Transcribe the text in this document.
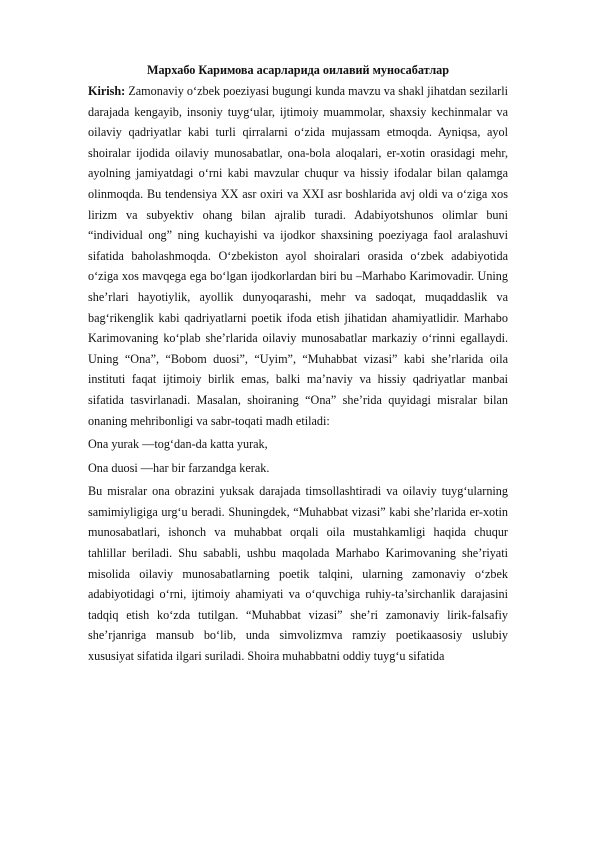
Мархабо Каримова асарларида оилавий муносабатлар

Kirish: Zamonaviy o‘zbek poeziyasi bugungi kunda mavzu va shakl jihatdan sezilarli darajada kengayib, insoniy tuyg‘ular, ijtimoiy muammolar, shaxsiy kechinmalar va oilaviy qadriyatlar kabi turli qirralarni o‘zida mujassam etmoqda. Ayniqsa, ayol shoiralar ijodida oilaviy munosabatlar, ona-bola aloqalari, er-xotin orasidagi mehr, ayolning jamiyatdagi o‘rni kabi mavzular chuqur va hissiy ifodalar bilan qalamga olinmoqda. Bu tendensiya XX asr oxiri va XXI asr boshlarida avj oldi va o‘ziga xos lirizm va subyektiv ohang bilan ajralib turadi. Adabiyotshunos olimlar buni “individual ong” ning kuchayishi va ijodkor shaxsining poeziyaga faol aralashuvi sifatida baholashmoqda. O‘zbekiston ayol shoiralari orasida o‘zbek adabiyotida o‘ziga xos mavqega ega bo‘lgan ijodkorlardan biri bu –Marhabo Karimovadir. Uning she’rlari hayotiylik, ayollik dunyoqarashi, mehr va sadoqat, muqaddaslik va bag‘rikenglik kabi qadriyatlarni poetik ifoda etish jihatidan ahamiyatlidir. Marhabo Karimovaning ko‘plab she’rlarida oilaviy munosabatlar markaziy o‘rinni egallaydi. Uning “Ona”, “Bobom duosi”, “Uyim”, “Muhabbat vizasi” kabi she’rlarida oila instituti faqat ijtimoiy birlik emas, balki ma’naviy va hissiy qadriyatlar manbai sifatida tasvirlanadi. Masalan, shoiraning “Ona” she’rida quyidagi misralar bilan onaning mehribonligi va sabr-toqati madh etiladi:

Ona yurak —tog‘dan-da katta yurak,

Ona duosi —har bir farzandga kerak.

Bu misralar ona obrazini yuksak darajada timsollashtiradi va oilaviy tuyg‘ularning samimiyligiga urg‘u beradi. Shuningdek, “Muhabbat vizasi” kabi she’rlarida er-xotin munosabatlari, ishonch va muhabbat orqali oila mustahkamligi haqida chuqur tahlillar beriladi. Shu sababli, ushbu maqolada Marhabo Karimovaning she’riyati misolida oilaviy munosabatlarning poetik talqini, ularning zamonaviy o‘zbek adabiyotidagi o‘rni, ijtimoiy ahamiyati va o‘quvchiga ruhiy-ta’sirchanlik darajasini tadqiq etish ko‘zda tutilgan. “Muhabbat vizasi” she’ri zamonaviy lirik-falsafiy she’rjanriga mansub bo‘lib, unda simvolizmva ramziy poetikaasosiy uslubiy xususiyat sifatida ilgari suriladi. Shoira muhabbatni oddiy tuyg‘u sifatida
